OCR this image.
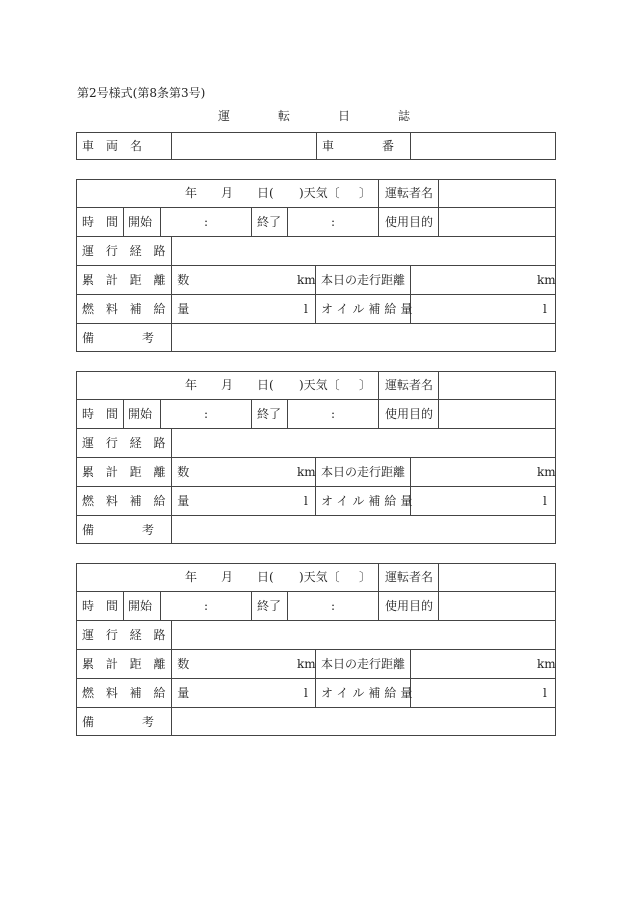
第2号様式(第8条第3号)
運　　　　転　　　　日　　　　誌
車　両　名	車　　　　番
年 月 日( )天気〔 〕 運転者名
時　間 開始	:	終了	:	使用目的
運 行 経 路
累 計 距 離 数	km 本日の走行距離	km
燃 料 補 給 量	l オイル補給量	l
備　　　　考
年 月 日( )天気〔 〕 運転者名
時　間 開始	:	終了	:	使用目的
運 行 経 路
累 計 距 離 数	km 本日の走行距離	km
燃 料 補 給 量	l オイル補給量	l
備　　　　考
年 月 日( )天気〔 〕 運転者名
時　間 開始	:	終了	:	使用目的
運 行 経 路
累 計 距 離 数	km 本日の走行距離	km
燃 料 補 給 量	l オイル補給量	l
備　　　　考
